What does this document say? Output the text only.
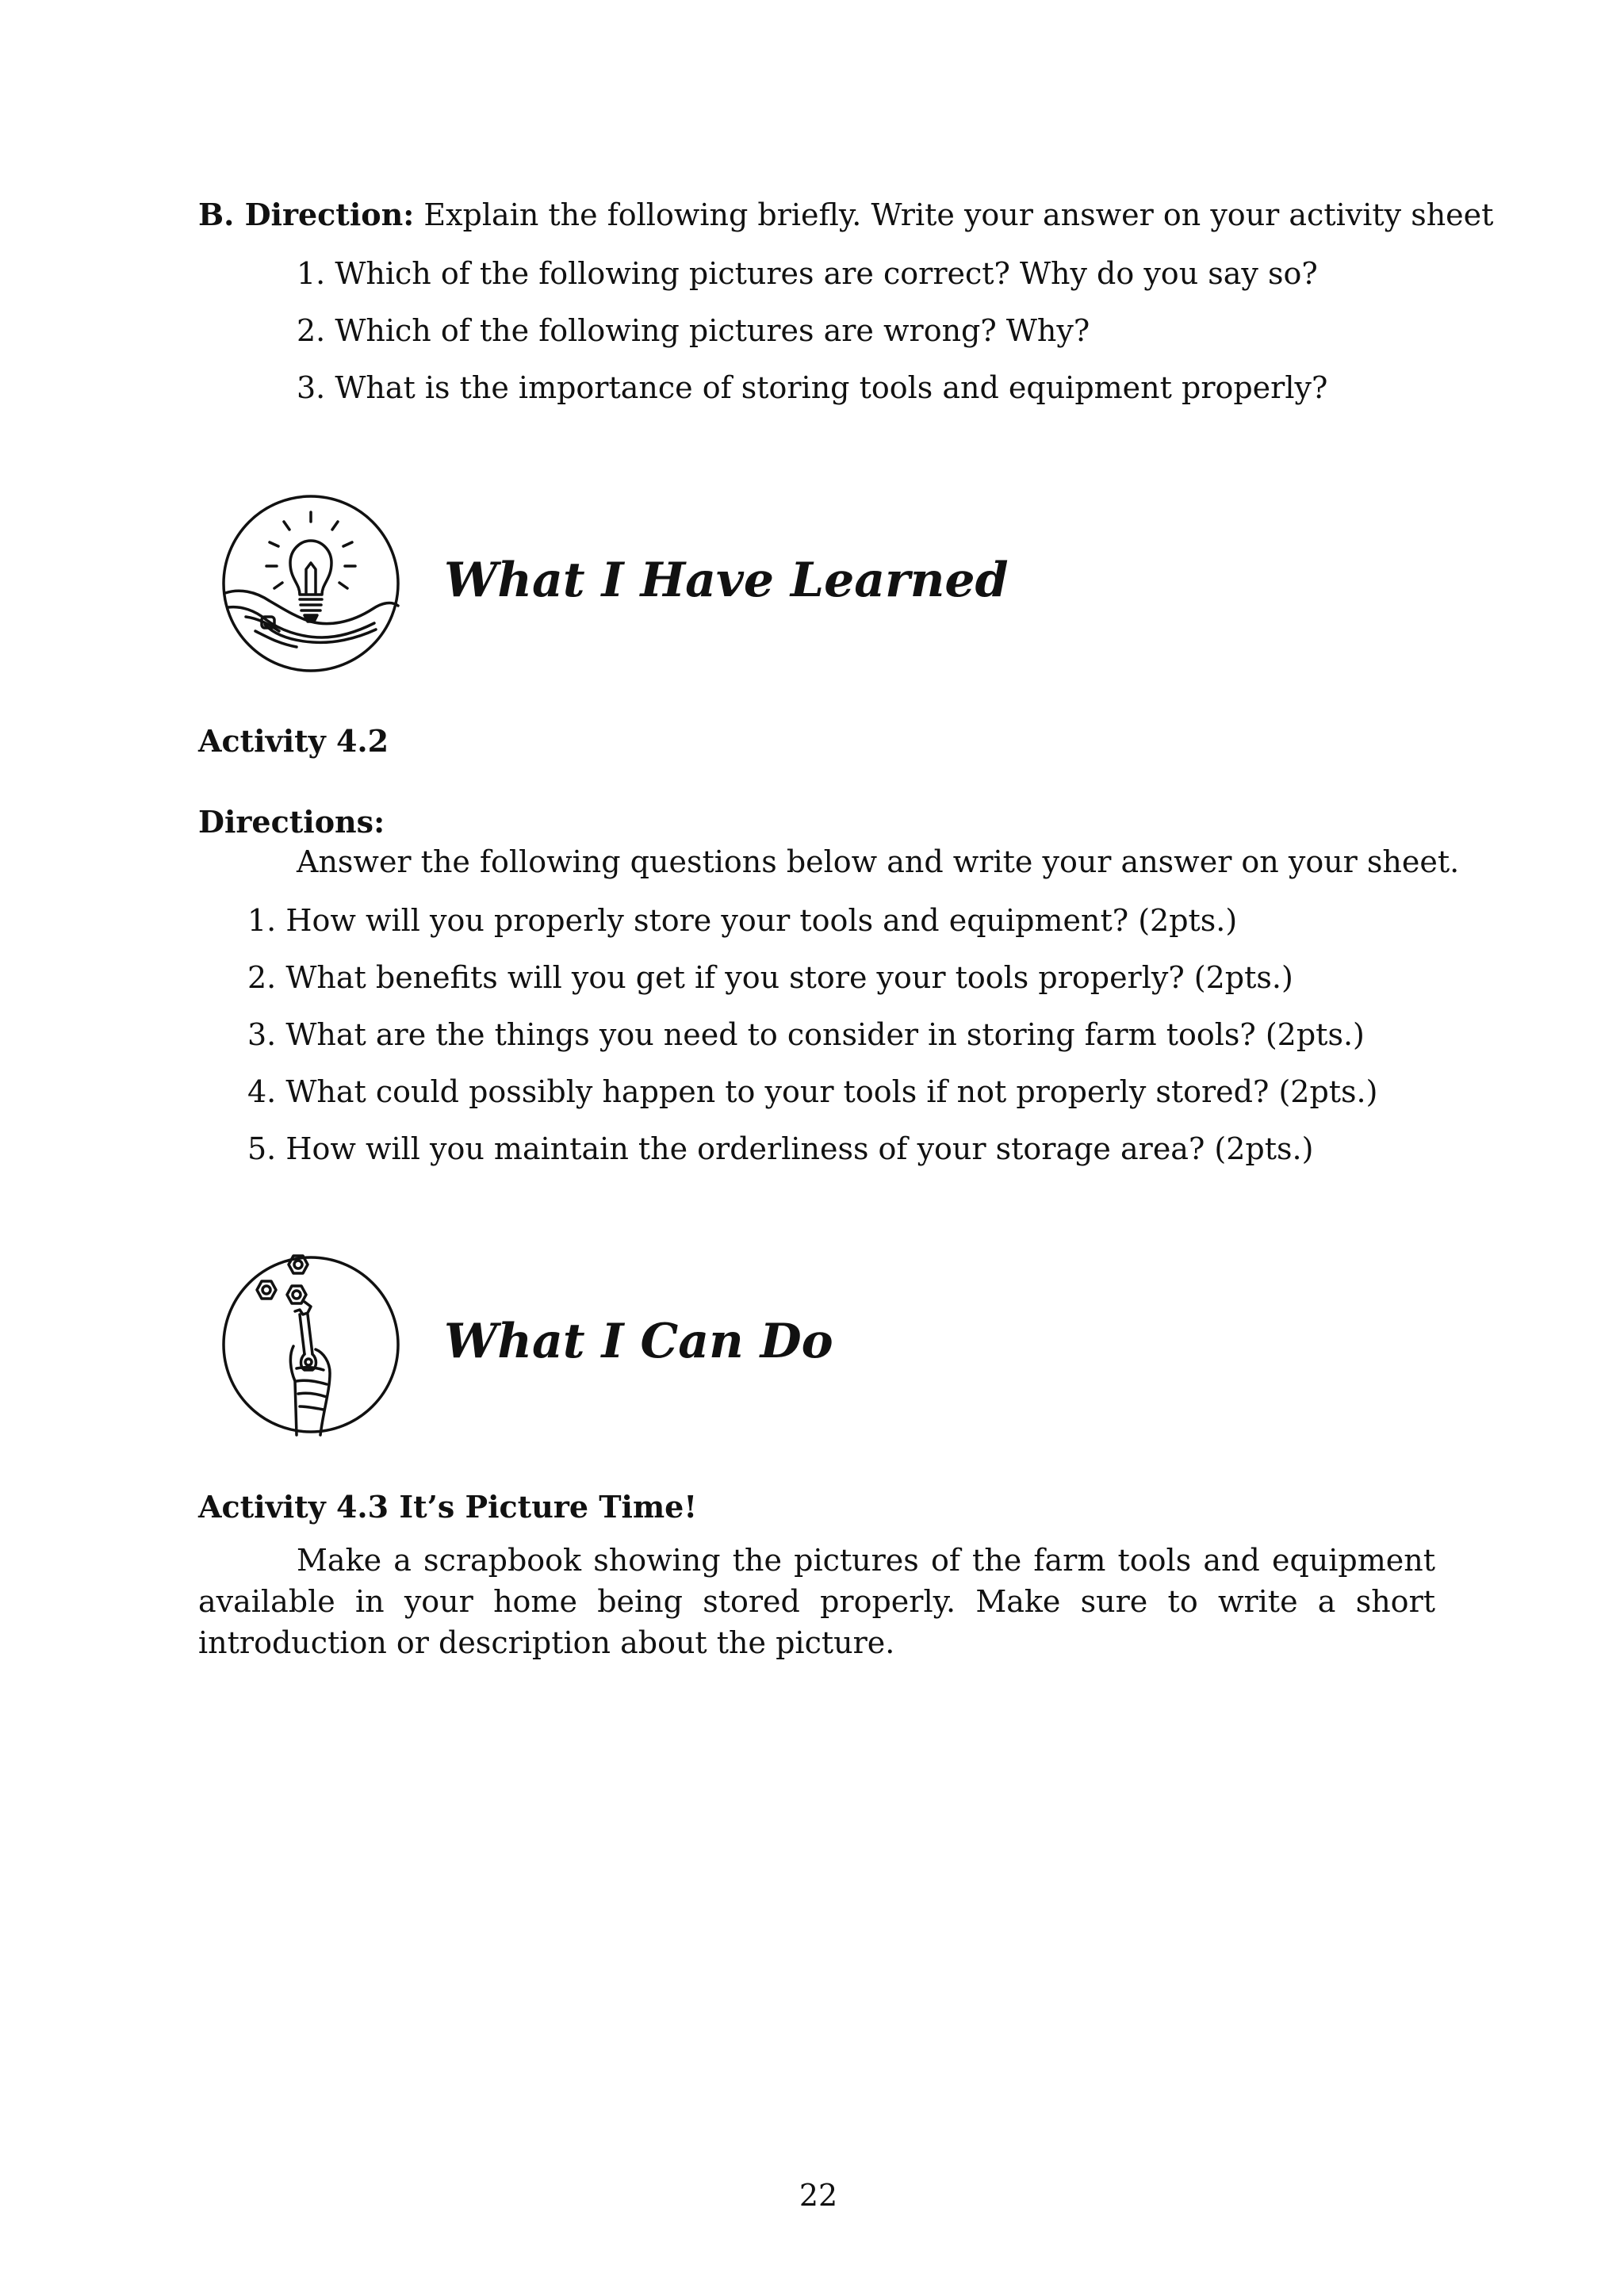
B. Direction: Explain the following briefly. Write your answer on your activity sheet
1. Which of the following pictures are correct? Why do you say so?
2. Which of the following pictures are wrong? Why?
3. What is the importance of storing tools and equipment properly?
What I Have Learned
Activity 4.2
Directions:
Answer the following questions below and write your answer on your sheet.
1. How will you properly store your tools and equipment? (2pts.)
2. What benefits will you get if you store your tools properly? (2pts.)
3. What are the things you need to consider in storing farm tools? (2pts.)
4. What could possibly happen to your tools if not properly stored? (2pts.)
5. How will you maintain the orderliness of your storage area? (2pts.)
What I Can Do
Activity 4.3 It’s Picture Time!
Make a scrapbook showing the pictures of the farm tools and equipment available in your home being stored properly. Make sure to write a short introduction or description about the picture.
22
